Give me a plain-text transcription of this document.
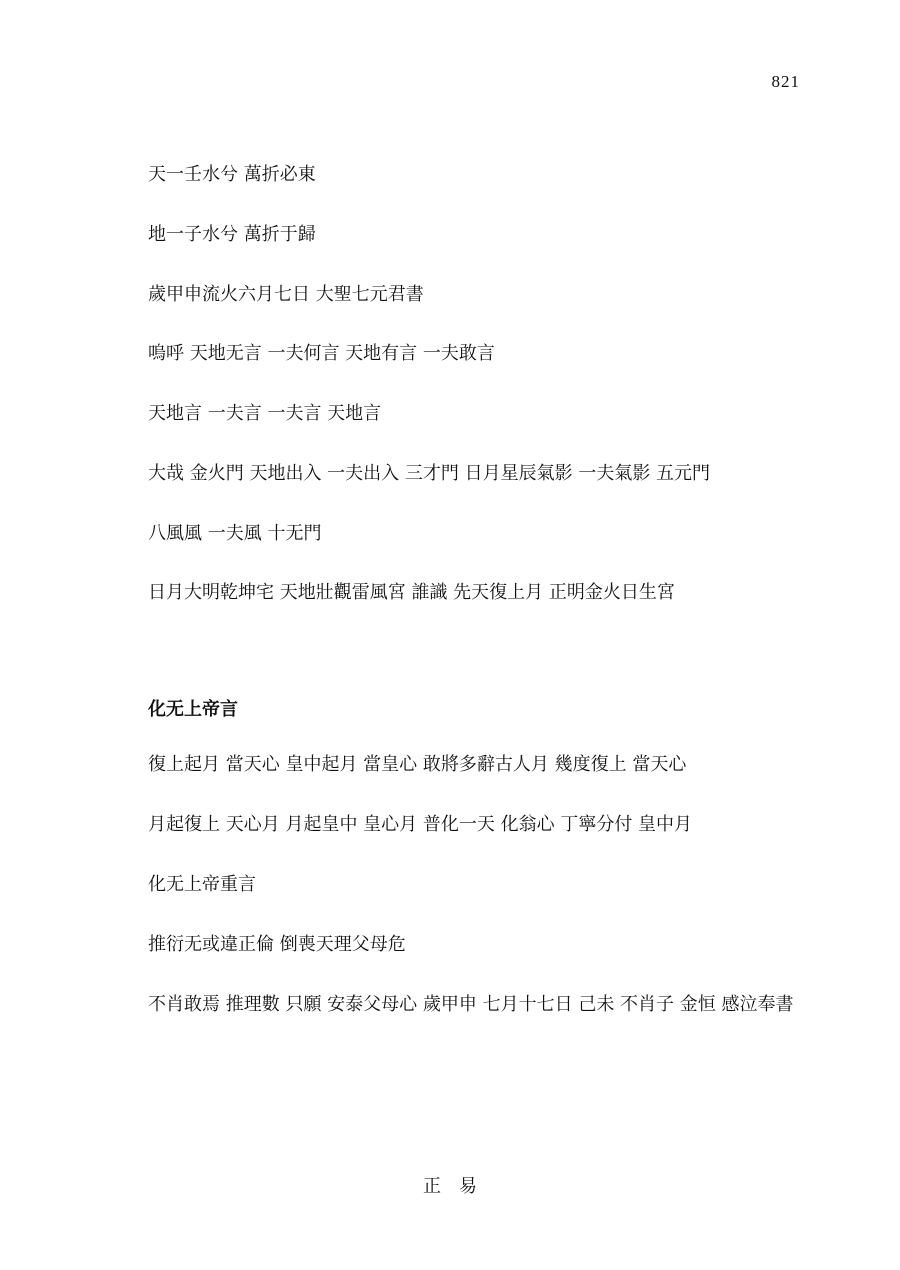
821
天一壬水兮 萬折必東
地一子水兮 萬折于歸
歲甲申流火六月七日 大聖七元君書
嗚呼 天地无言 一夫何言 天地有言 一夫敢言
天地言 一夫言 一夫言 天地言
大哉 金火門 天地出入 一夫出入 三才門 日月星辰氣影 一夫氣影 五元門
八風風 一夫風 十无門
日月大明乾坤宅 天地壯觀雷風宮 誰識 先天復上月 正明金火日生宮
化无上帝言
復上起月 當天心 皇中起月 當皇心 敢將多辭古人月 幾度復上 當天心
月起復上 天心月 月起皇中 皇心月 普化一天 化翁心 丁寧分付 皇中月
化无上帝重言
推衍无或違正倫 倒喪天理父母危
不肖敢焉 推理數 只願 安泰父母心 歲甲申 七月十七日 己未 不肖子 金恒 感泣奉書
正易
